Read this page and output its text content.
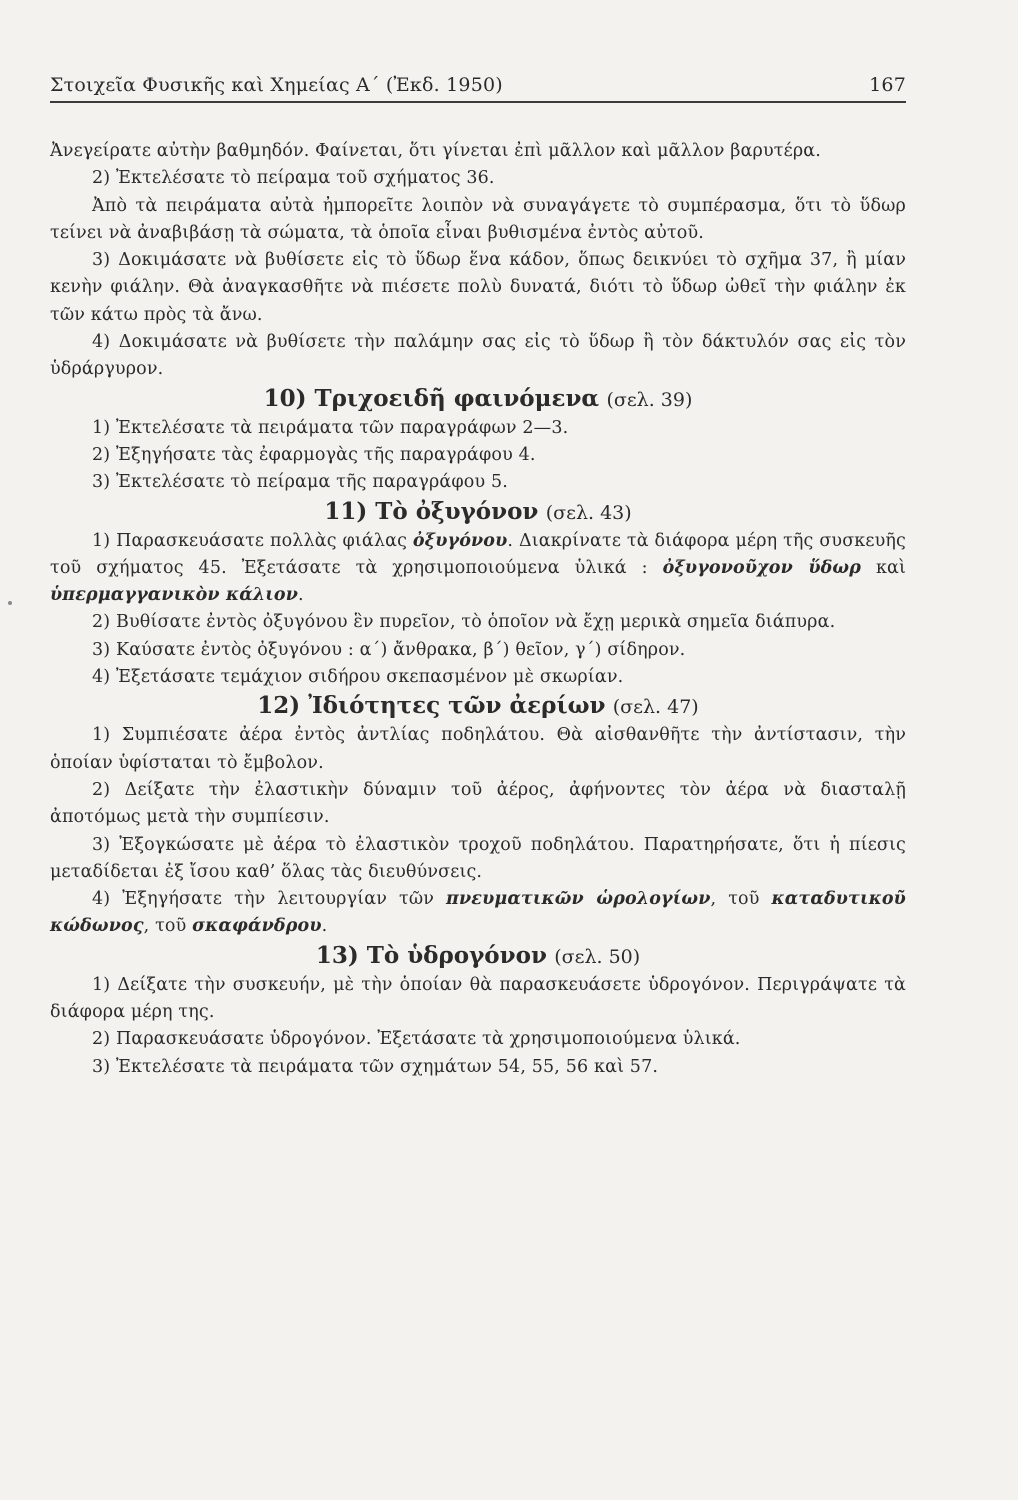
Στοιχεῖα Φυσικῆς καὶ Χημείας Α΄ (Ἐκδ. 1950)	167

Ἀνεγείρατε αὐτὴν βαθμηδόν. Φαίνεται, ὅτι γίνεται ἐπὶ μᾶλλον καὶ μᾶλλον βαρυτέρα.

2) Ἐκτελέσατε τὸ πείραμα τοῦ σχήματος 36.

Ἀπὸ τὰ πειράματα αὐτὰ ἠμπορεῖτε λοιπὸν νὰ συναγάγετε τὸ συμπέρασμα, ὅτι τὸ ὕδωρ τείνει νὰ ἀναβιβάσῃ τὰ σώματα, τὰ ὁποῖα εἶναι βυθισμένα ἐντὸς αὐτοῦ.

3) Δοκιμάσατε νὰ βυθίσετε εἰς τὸ ὕδωρ ἕνα κάδον, ὅπως δεικνύει τὸ σχῆμα 37, ἢ μίαν κενὴν φιάλην. Θὰ ἀναγκασθῆτε νὰ πιέσετε πολὺ δυνατά, διότι τὸ ὕδωρ ὠθεῖ τὴν φιάλην ἐκ τῶν κάτω πρὸς τὰ ἄνω.

4) Δοκιμάσατε νὰ βυθίσετε τὴν παλάμην σας εἰς τὸ ὕδωρ ἢ τὸν δάκτυλόν σας εἰς τὸν ὑδράργυρον.

10) Τριχοειδῆ φαινόμενα (σελ. 39)

1) Ἐκτελέσατε τὰ πειράματα τῶν παραγράφων 2—3.

2) Ἐξηγήσατε τὰς ἐφαρμογὰς τῆς παραγράφου 4.

3) Ἐκτελέσατε τὸ πείραμα τῆς παραγράφου 5.

11) Τὸ ὀξυγόνον (σελ. 43)

1) Παρασκευάσατε πολλὰς φιάλας ὀξυγόνου. Διακρίνατε τὰ διάφορα μέρη τῆς συσκευῆς τοῦ σχήματος 45. Ἐξετάσατε τὰ χρησιμοποιούμενα ὑλικά : ὀξυγονοῦχον ὕδωρ καὶ ὑπερμαγγανικὸν κάλιον.

2) Βυθίσατε ἐντὸς ὀξυγόνου ἓν πυρεῖον, τὸ ὁποῖον νὰ ἔχῃ μερικὰ σημεῖα διάπυρα.

3) Καύσατε ἐντὸς ὀξυγόνου : α΄) ἄνθρακα, β΄) θεῖον, γ΄) σίδηρον.

4) Ἐξετάσατε τεμάχιον σιδήρου σκεπασμένον μὲ σκωρίαν.

12) Ἰδιότητες τῶν ἀερίων (σελ. 47)

1) Συμπιέσατε ἀέρα ἐντὸς ἀντλίας ποδηλάτου. Θὰ αἰσθανθῆτε τὴν ἀντίστασιν, τὴν ὁποίαν ὑφίσταται τὸ ἔμβολον.

2) Δείξατε τὴν ἐλαστικὴν δύναμιν τοῦ ἀέρος, ἀφήνοντες τὸν ἀέρα νὰ διασταλῇ ἀποτόμως μετὰ τὴν συμπίεσιν.

3) Ἐξογκώσατε μὲ ἀέρα τὸ ἐλαστικὸν τροχοῦ ποδηλάτου. Παρατηρήσατε, ὅτι ἡ πίεσις μεταδίδεται ἐξ ἴσου καθ’ ὅλας τὰς διευθύνσεις.

4) Ἐξηγήσατε τὴν λειτουργίαν τῶν πνευματικῶν ὡρολογίων, τοῦ καταδυτικοῦ κώδωνος, τοῦ σκαφάνδρου.

13) Τὸ ὑδρογόνον (σελ. 50)

1) Δείξατε τὴν συσκευήν, μὲ τὴν ὁποίαν θὰ παρασκευάσετε ὑδρογόνον. Περιγράψατε τὰ διάφορα μέρη της.

2) Παρασκευάσατε ὑδρογόνον. Ἐξετάσατε τὰ χρησιμοποιούμενα ὑλικά.

3) Ἐκτελέσατε τὰ πειράματα τῶν σχημάτων 54, 55, 56 καὶ 57.
